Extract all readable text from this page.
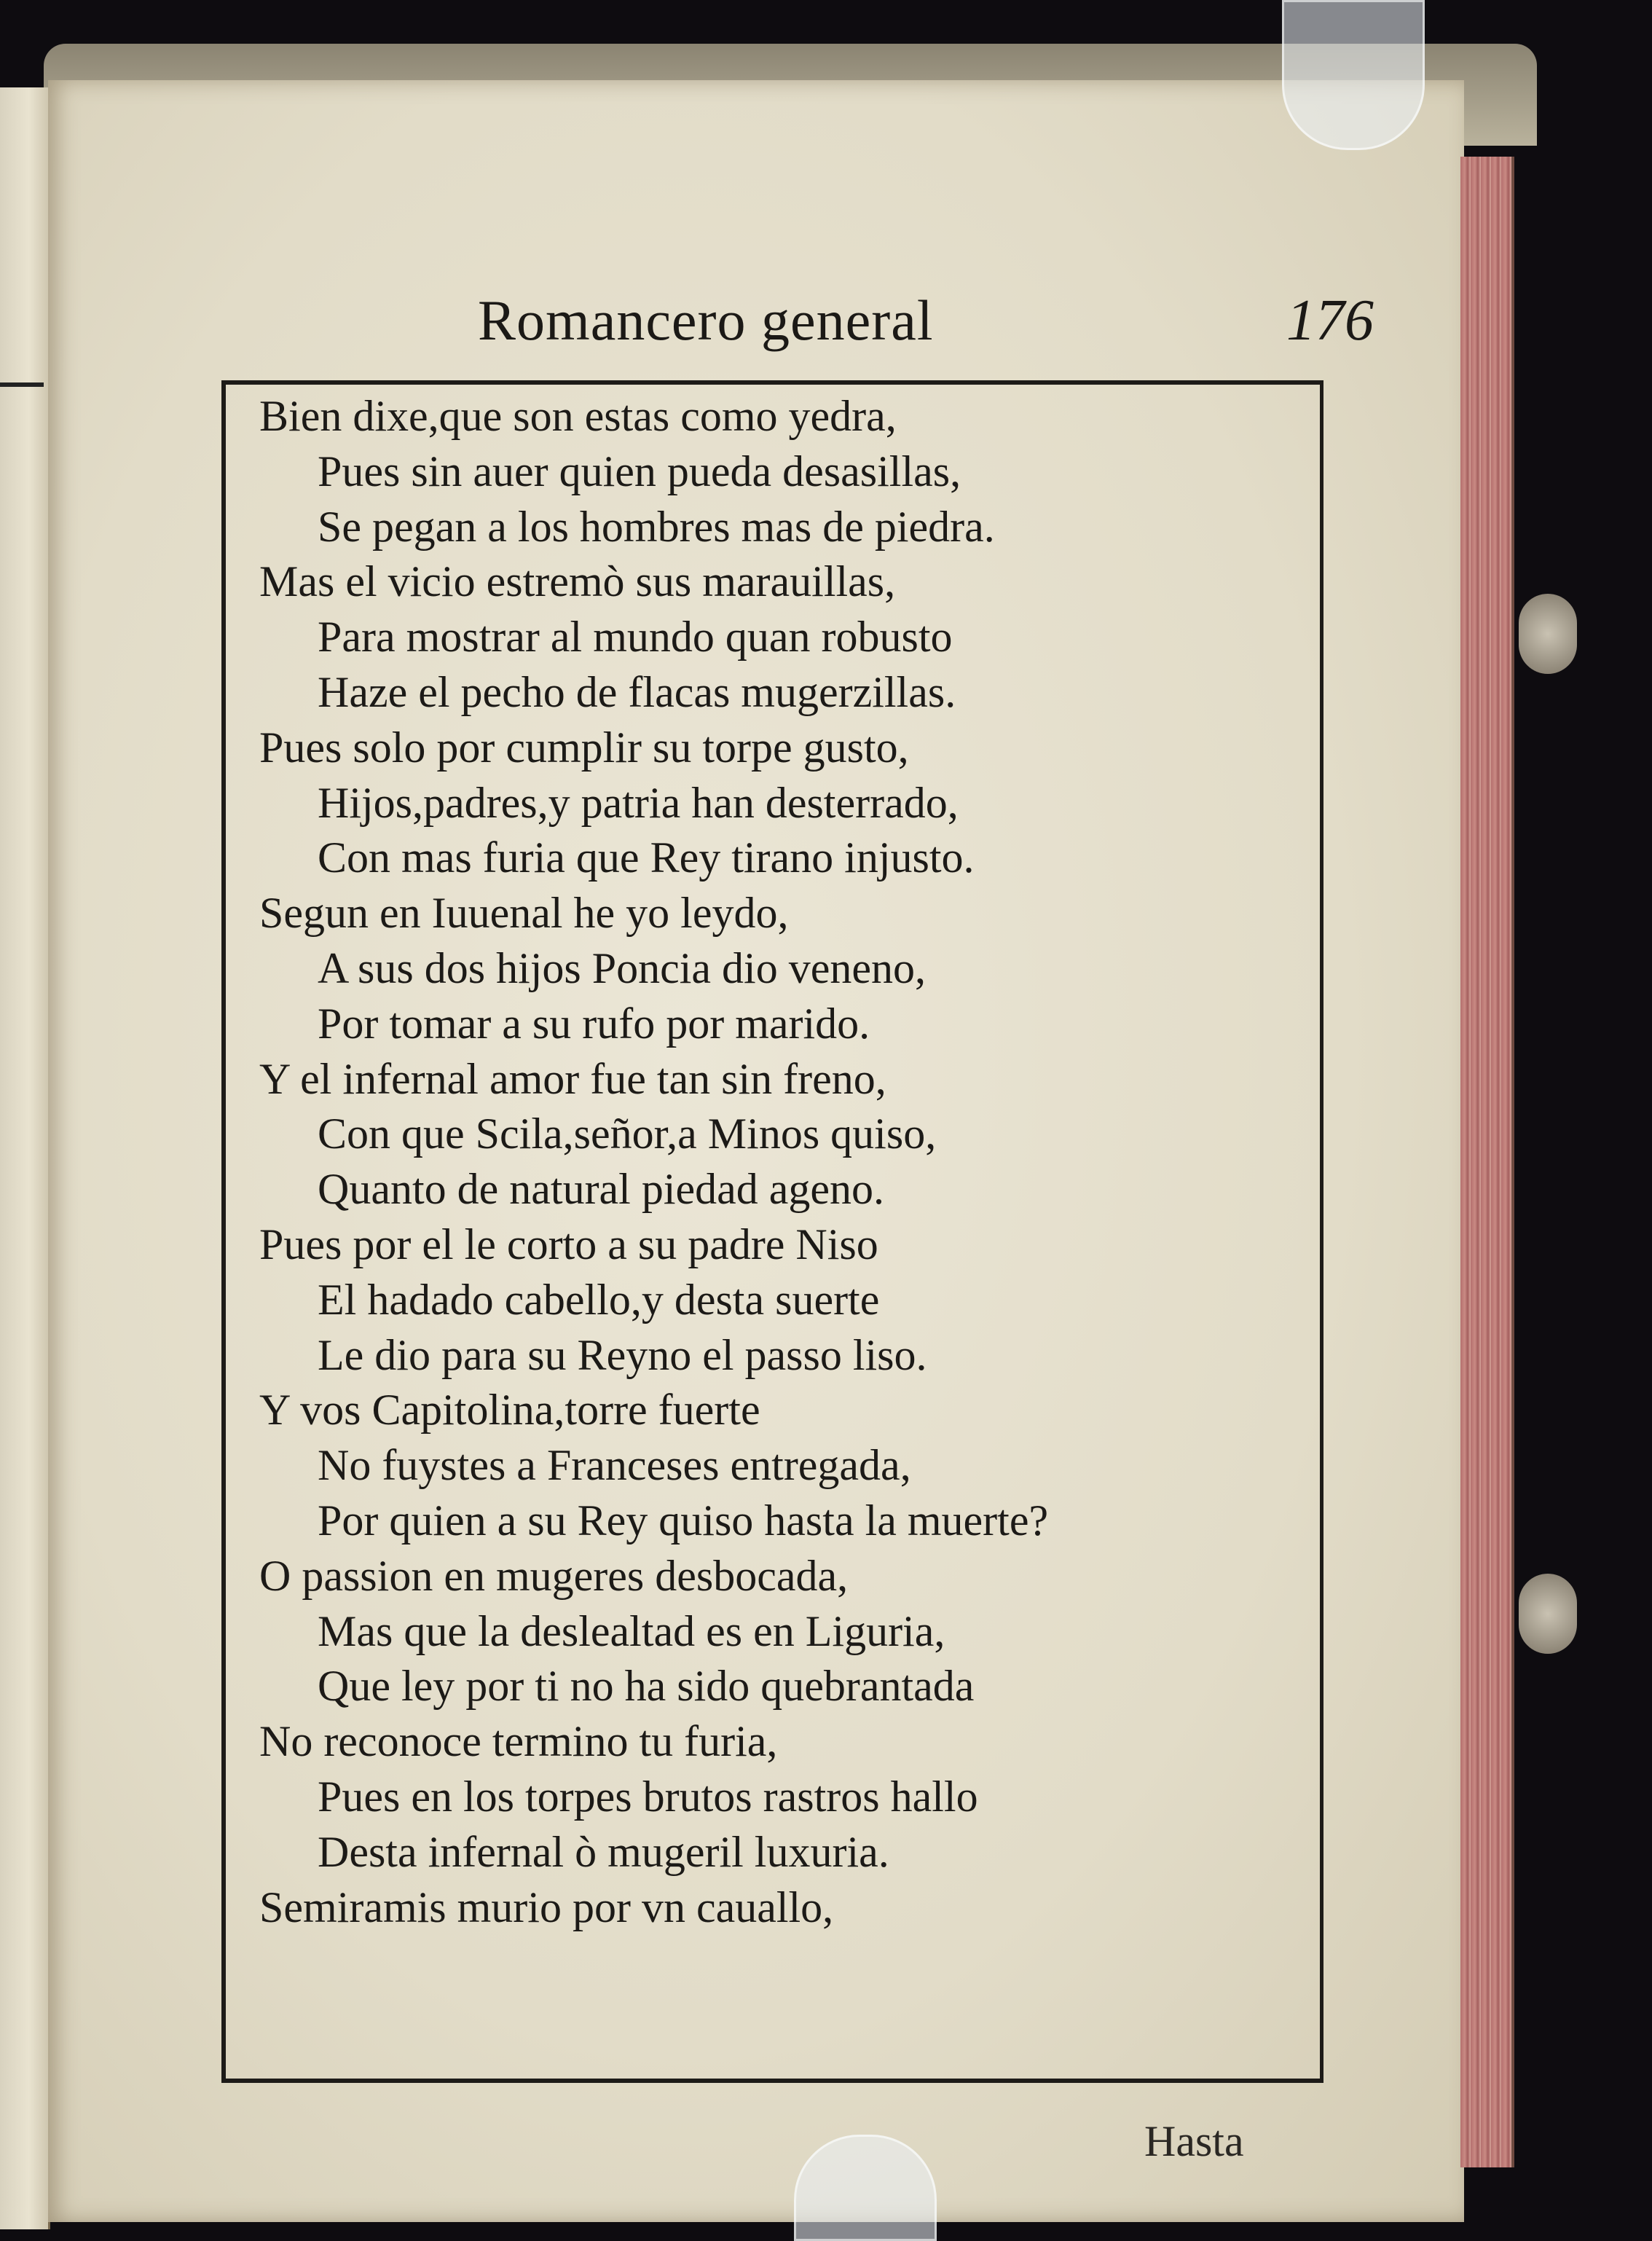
Romancero general	176
Bien dixe,que son estas como yedra,
Pues sin auer quien pueda desasillas,
Se pegan a los hombres mas de piedra.
Mas el vicio estremò sus marauillas,
Para mostrar al mundo quan robusto
Haze el pecho de flacas mugerzillas.
Pues solo por cumplir su torpe gusto,
Hijos,padres,y patria han desterrado,
Con mas furia que Rey tirano injusto.
Segun en Iuuenal he yo leydo,
A sus dos hijos Poncia dio veneno,
Por tomar a su rufo por marido.
Y el infernal amor fue tan sin freno,
Con que Scila,señor,a Minos quiso,
Quanto de natural piedad ageno.
Pues por el le corto a su padre Niso
El hadado cabello,y desta suerte
Le dio para su Reyno el passo liso.
Y vos Capitolina,torre fuerte
No fuystes a Franceses entregada,
Por quien a su Rey quiso hasta la muerte?
O passion en mugeres desbocada,
Mas que la deslealtad es en Liguria,
Que ley por ti no ha sido quebrantada
No reconoce termino tu furia,
Pues en los torpes brutos rastros hallo
Desta infernal ò mugeril luxuria.
Semiramis murio por vn cauallo,
Hasta
